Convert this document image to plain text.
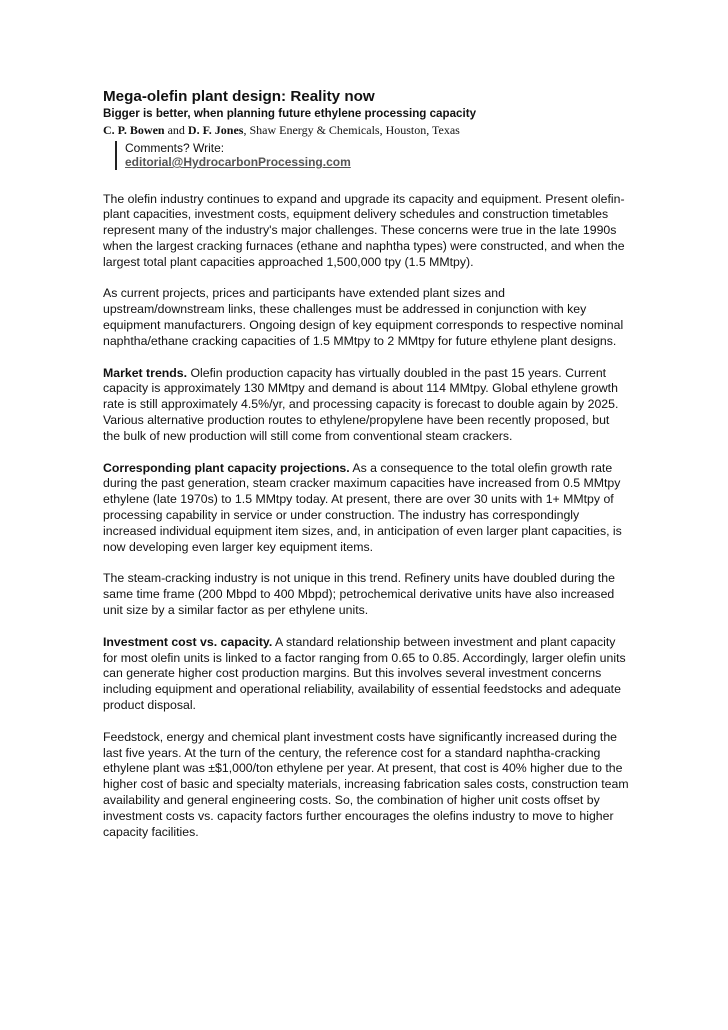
Mega-olefin plant design: Reality now
Bigger is better, when planning future ethylene processing capacity
C. P. Bowen and D. F. Jones, Shaw Energy & Chemicals, Houston, Texas
Comments? Write:
editorial@HydrocarbonProcessing.com
The olefin industry continues to expand and upgrade its capacity and equipment. Present olefin-plant capacities, investment costs, equipment delivery schedules and construction timetables represent many of the industry's major challenges. These concerns were true in the late 1990s when the largest cracking furnaces (ethane and naphtha types) were constructed, and when the largest total plant capacities approached 1,500,000 tpy (1.5 MMtpy).
As current projects, prices and participants have extended plant sizes and upstream/downstream links, these challenges must be addressed in conjunction with key equipment manufacturers. Ongoing design of key equipment corresponds to respective nominal naphtha/ethane cracking capacities of 1.5 MMtpy to 2 MMtpy for future ethylene plant designs.
Market trends. Olefin production capacity has virtually doubled in the past 15 years. Current capacity is approximately 130 MMtpy and demand is about 114 MMtpy. Global ethylene growth rate is still approximately 4.5%/yr, and processing capacity is forecast to double again by 2025. Various alternative production routes to ethylene/propylene have been recently proposed, but the bulk of new production will still come from conventional steam crackers.
Corresponding plant capacity projections. As a consequence to the total olefin growth rate during the past generation, steam cracker maximum capacities have increased from 0.5 MMtpy ethylene (late 1970s) to 1.5 MMtpy today. At present, there are over 30 units with 1+ MMtpy of processing capability in service or under construction. The industry has correspondingly increased individual equipment item sizes, and, in anticipation of even larger plant capacities, is now developing even larger key equipment items.
The steam-cracking industry is not unique in this trend. Refinery units have doubled during the same time frame (200 Mbpd to 400 Mbpd); petrochemical derivative units have also increased unit size by a similar factor as per ethylene units.
Investment cost vs. capacity. A standard relationship between investment and plant capacity for most olefin units is linked to a factor ranging from 0.65 to 0.85. Accordingly, larger olefin units can generate higher cost production margins. But this involves several investment concerns including equipment and operational reliability, availability of essential feedstocks and adequate product disposal.
Feedstock, energy and chemical plant investment costs have significantly increased during the last five years. At the turn of the century, the reference cost for a standard naphtha-cracking ethylene plant was ±$1,000/ton ethylene per year. At present, that cost is 40% higher due to the higher cost of basic and specialty materials, increasing fabrication sales costs, construction team availability and general engineering costs. So, the combination of higher unit costs offset by investment costs vs. capacity factors further encourages the olefins industry to move to higher capacity facilities.
